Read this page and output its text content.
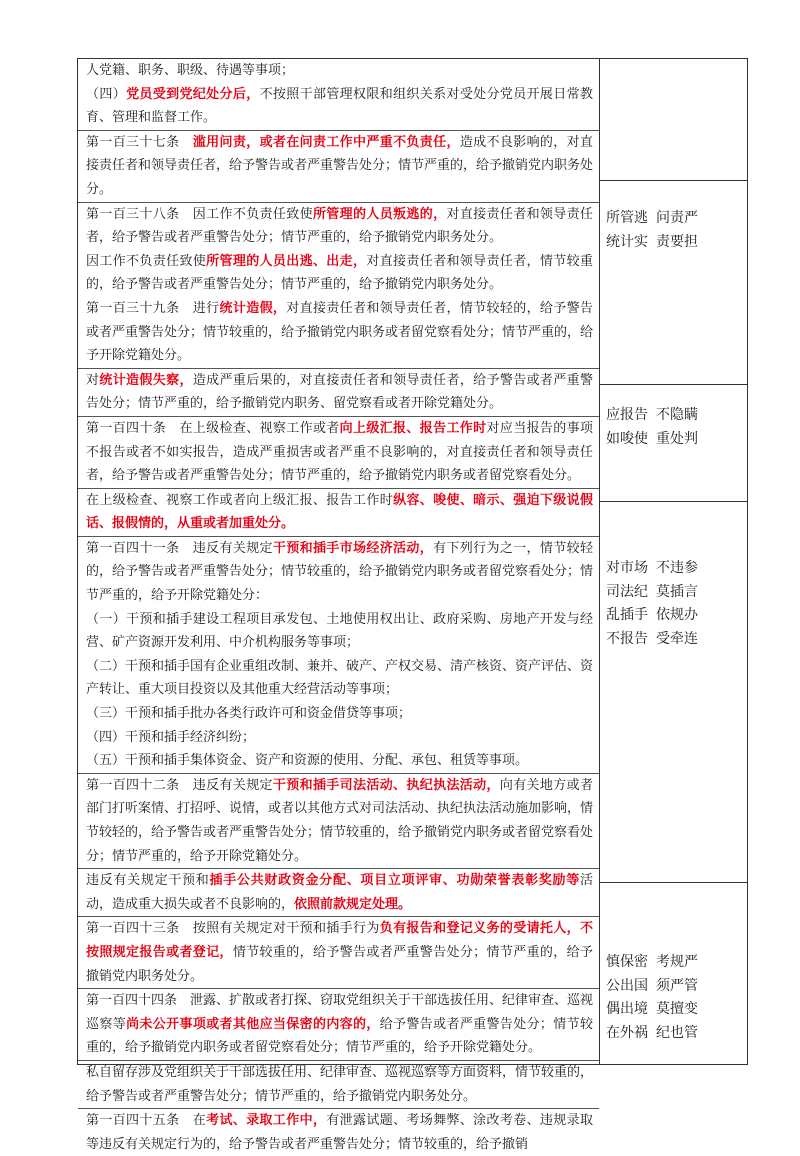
人党籍、职务、职级、待遇等事项；

（四）党员受到党纪处分后，不按照干部管理权限和组织关系对受处分党员开展日常教育、管理和监督工作。

第一百三十七条　滥用问责，或者在问责工作中严重不负责任，造成不良影响的，对直接责任者和领导责任者，给予警告或者严重警告处分；情节严重的，给予撤销党内职务处分。

第一百三十八条　因工作不负责任致使所管理的人员叛逃的，对直接责任者和领导责任者，给予警告或者严重警告处分；情节严重的，给予撤销党内职务处分。

因工作不负责任致使所管理的人员出逃、出走，对直接责任者和领导责任者，情节较重的，给予警告或者严重警告处分；情节严重的，给予撤销党内职务处分。

第一百三十九条　进行统计造假，对直接责任者和领导责任者，情节较轻的，给予警告或者严重警告处分；情节较重的，给予撤销党内职务或者留党察看处分；情节严重的，给予开除党籍处分。

对统计造假失察，造成严重后果的，对直接责任者和领导责任者，给予警告或者严重警告处分；情节严重的，给予撤销党内职务、留党察看或者开除党籍处分。

第一百四十条　在上级检查、视察工作或者向上级汇报、报告工作时对应当报告的事项不报告或者不如实报告，造成严重损害或者严重不良影响的，对直接责任者和领导责任者，给予警告或者严重警告处分；情节严重的，给予撤销党内职务或者留党察看处分。

在上级检查、视察工作或者向上级汇报、报告工作时纵容、唆使、暗示、强迫下级说假话、报假情的，从重或者加重处分。

第一百四十一条　违反有关规定干预和插手市场经济活动，有下列行为之一，情节较轻的，给予警告或者严重警告处分；情节较重的，给予撤销党内职务或者留党察看处分；情节严重的，给予开除党籍处分：

（一）干预和插手建设工程项目承发包、土地使用权出让、政府采购、房地产开发与经营、矿产资源开发利用、中介机构服务等事项；

（二）干预和插手国有企业重组改制、兼并、破产、产权交易、清产核资、资产评估、资产转让、重大项目投资以及其他重大经营活动等事项；

（三）干预和插手批办各类行政许可和资金借贷等事项；

（四）干预和插手经济纠纷；

（五）干预和插手集体资金、资产和资源的使用、分配、承包、租赁等事项。

第一百四十二条　违反有关规定干预和插手司法活动、执纪执法活动，向有关地方或者部门打听案情、打招呼、说情，或者以其他方式对司法活动、执纪执法活动施加影响，情节较轻的，给予警告或者严重警告处分；情节较重的，给予撤销党内职务或者留党察看处分；情节严重的，给予开除党籍处分。

违反有关规定干预和插手公共财政资金分配、项目立项评审、功勋荣誉表彰奖励等活动，造成重大损失或者不良影响的，依照前款规定处理。

第一百四十三条　按照有关规定对干预和插手行为负有报告和登记义务的受请托人，不按照规定报告或者登记，情节较重的，给予警告或者严重警告处分；情节严重的，给予撤销党内职务处分。

第一百四十四条　泄露、扩散或者打探、窃取党组织关于干部选拔任用、纪律审查、巡视巡察等尚未公开事项或者其他应当保密的内容的，给予警告或者严重警告处分；情节较重的，给予撤销党内职务或者留党察看处分；情节严重的，给予开除党籍处分。

私自留存涉及党组织关于干部选拔任用、纪律审查、巡视巡察等方面资料，情节较重的，给予警告或者严重警告处分；情节严重的，给予撤销党内职务处分。

第一百四十五条　在考试、录取工作中，有泄露试题、考场舞弊、涂改考卷、违规录取等违反有关规定行为的，给予警告或者严重警告处分；情节较重的，给予撤销

所管逃
统计实
问责严
责要担
应报告
如唆使
不隐瞒
重处判
对市场
司法纪
乱插手
不报告
不违参
莫插言
依规办
受牵连
慎保密
公出国
偶出境
在外祸
考规严
须严管
莫擅变
纪也管
